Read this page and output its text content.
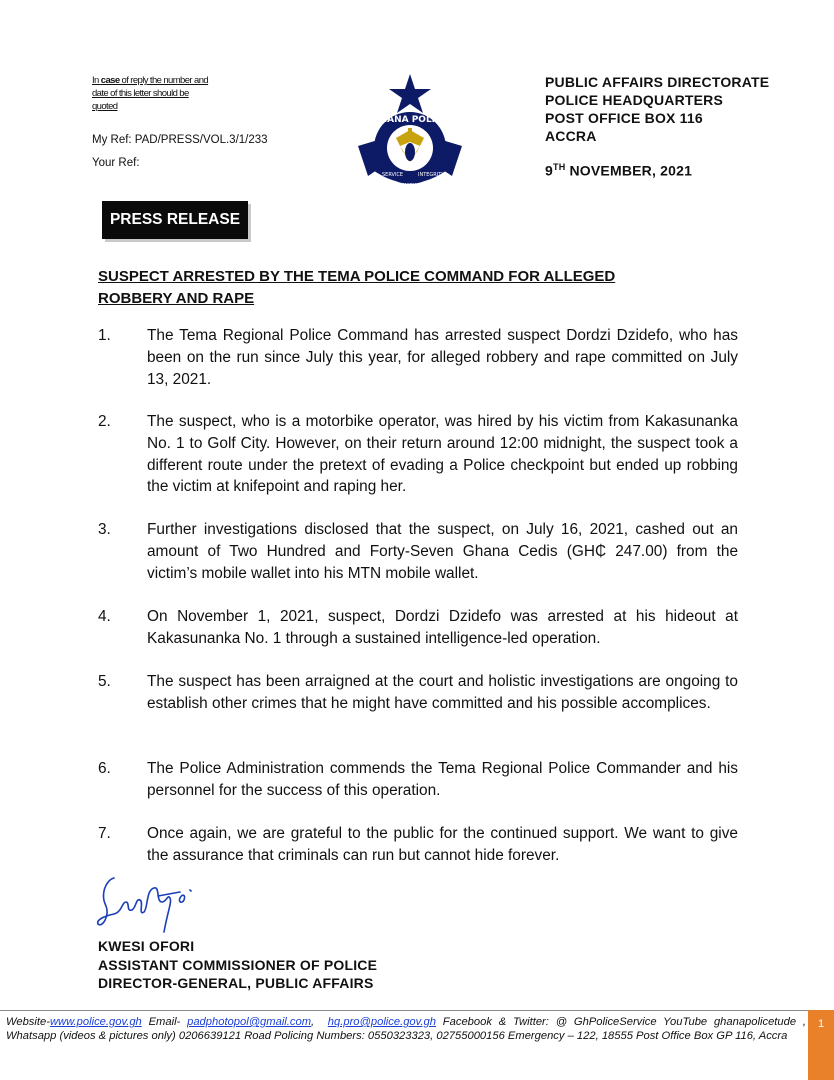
In case of reply the number and date of this letter should be quoted
My Ref: PAD/PRESS/VOL.3/1/233
Your Ref:
GHANA POLICE
SERVICE
WITH
INTEGRITY
PUBLIC AFFAIRS DIRECTORATE
POLICE HEADQUARTERS
POST OFFICE BOX 116
ACCRA
9TH NOVEMBER, 2021
PRESS RELEASE
SUSPECT ARRESTED BY THE TEMA POLICE COMMAND FOR ALLEGED
ROBBERY AND RAPE
1. The Tema Regional Police Command has arrested suspect Dordzi Dzidefo, who has been on the run since July this year, for alleged robbery and rape committed on July 13, 2021.
2. The suspect, who is a motorbike operator, was hired by his victim from Kakasunanka No. 1 to Golf City. However, on their return around 12:00 midnight, the suspect took a different route under the pretext of evading a Police checkpoint but ended up robbing the victim at knifepoint and raping her.
3. Further investigations disclosed that the suspect, on July 16, 2021, cashed out an amount of Two Hundred and Forty-Seven Ghana Cedis (GH₵ 247.00) from the victim’s mobile wallet into his MTN mobile wallet.
4. On November 1, 2021, suspect, Dordzi Dzidefo was arrested at his hideout at Kakasunanka No. 1 through a sustained intelligence-led operation.
5. The suspect has been arraigned at the court and holistic investigations are ongoing to establish other crimes that he might have committed and his possible accomplices.
6. The Police Administration commends the Tema Regional Police Commander and his personnel for the success of this operation.
7. Once again, we are grateful to the public for the continued support. We want to give the assurance that criminals can run but cannot hide forever.
KWESI OFORI
ASSISTANT COMMISSIONER OF POLICE
DIRECTOR-GENERAL, PUBLIC AFFAIRS
Website-www.police.gov.gh Email- padphotopol@gmail.com,  hq.pro@police.gov.gh Facebook & Twitter: @ GhPoliceService YouTube ghanapolicetude , Whatsapp (videos & pictures only) 0206639121 Road Policing Numbers: 0550323323, 02755000156 Emergency – 122, 18555 Post Office Box GP 116, Accra
1
